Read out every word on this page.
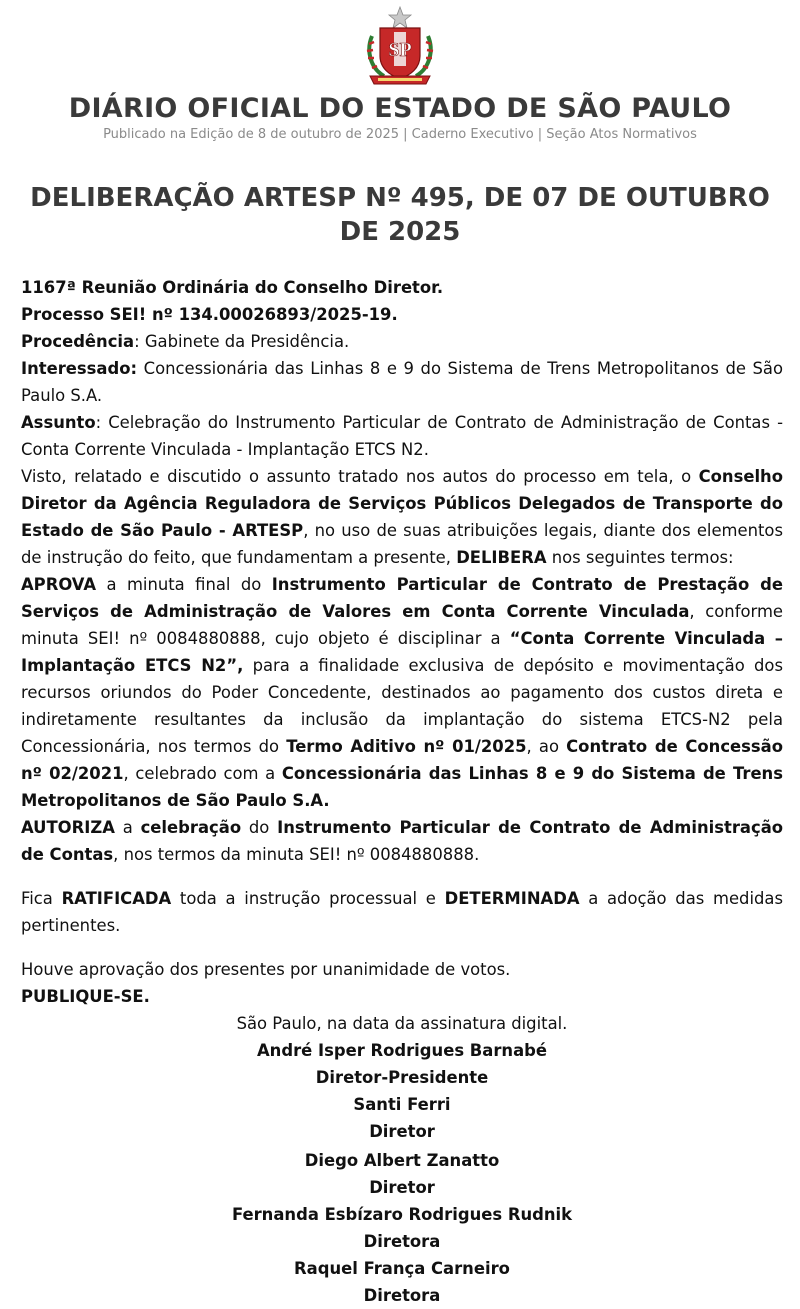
SP
DIÁRIO OFICIAL DO ESTADO DE SÃO PAULO
Publicado na Edição de 8 de outubro de 2025 | Caderno Executivo | Seção Atos Normativos
DELIBERAÇÃO ARTESP Nº 495, DE 07 DE OUTUBRO DE 2025

1167ª Reunião Ordinária do Conselho Diretor.

Processo SEI! nº 134.00026893/2025-19.

Procedência: Gabinete da Presidência.

Interessado: Concessionária das Linhas 8 e 9 do Sistema de Trens Metropolitanos de São Paulo S.A.

Assunto: Celebração do Instrumento Particular de Contrato de Administração de Contas - Conta Corrente Vinculada - Implantação ETCS N2.

Visto, relatado e discutido o assunto tratado nos autos do processo em tela, o Conselho Diretor da Agência Reguladora de Serviços Públicos Delegados de Transporte do Estado de São Paulo - ARTESP, no uso de suas atribuições legais, diante dos elementos de instrução do feito, que fundamentam a presente, DELIBERA nos seguintes termos:

APROVA a minuta final do Instrumento Particular de Contrato de Prestação de Serviços de Administração de Valores em Conta Corrente Vinculada, conforme minuta SEI! nº 0084880888, cujo objeto é disciplinar a “Conta Corrente Vinculada – Implantação ETCS N2”, para a finalidade exclusiva de depósito e movimentação dos recursos oriundos do Poder Concedente, destinados ao pagamento dos custos direta e indiretamente resultantes da inclusão da implantação do sistema ETCS-N2 pela Concessionária, nos termos do Termo Aditivo nº 01/2025, ao Contrato de Concessão nº 02/2021, celebrado com a Concessionária das Linhas 8 e 9 do Sistema de Trens Metropolitanos de São Paulo S.A.

AUTORIZA a celebração do Instrumento Particular de Contrato de Administração de Contas, nos termos da minuta SEI! nº 0084880888.

Fica RATIFICADA toda a instrução processual e DETERMINADA a adoção das medidas pertinentes.

Houve aprovação dos presentes por unanimidade de votos.

PUBLIQUE-SE.

São Paulo, na data da assinatura digital.

André Isper Rodrigues Barnabé

Diretor-Presidente

Santi Ferri

Diretor

Diego Albert Zanatto

Diretor

Fernanda Esbízaro Rodrigues Rudnik

Diretora

Raquel França Carneiro

Diretora
